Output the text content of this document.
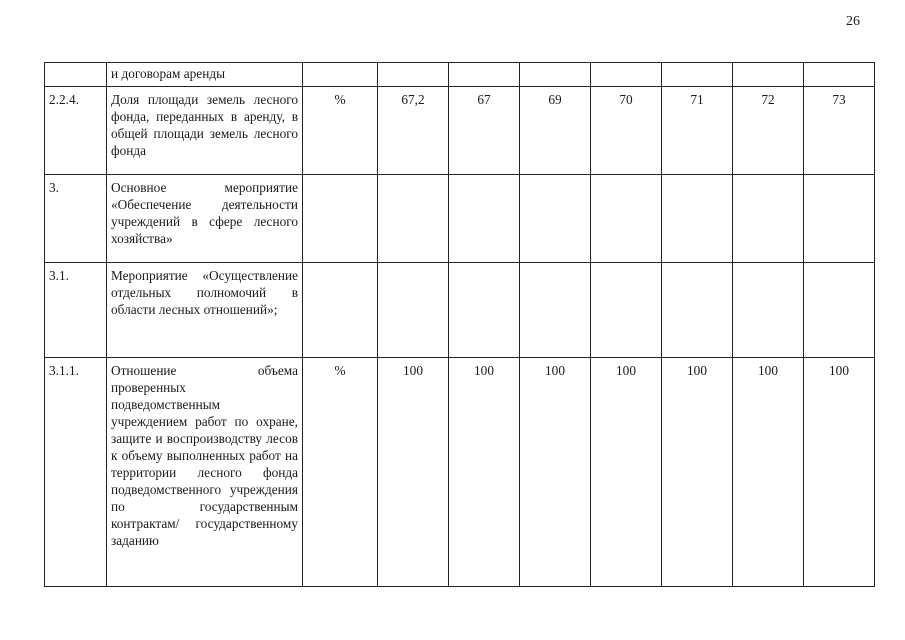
26
	и договорам аренды								
2.2.4.	Доля площади земель лесного фонда, переданных в аренду, в общей площади земель лесного фонда	%	67,2	67	69	70	71	72	73
3.	Основное мероприятие «Обеспечение деятельности учреждений в сфере лесного хозяйства»								
3.1.	Мероприятие «Осуществление отдельных полномочий в области лесных отношений»;								
3.1.1.	Отношение объема проверенных подведомственным учреждением работ по охране, защите и воспроизводству лесов к объему выполненных работ на территории лесного фонда подведомственного учреждения по государственным контрактам/ государственному заданию	%	100	100	100	100	100	100	100
